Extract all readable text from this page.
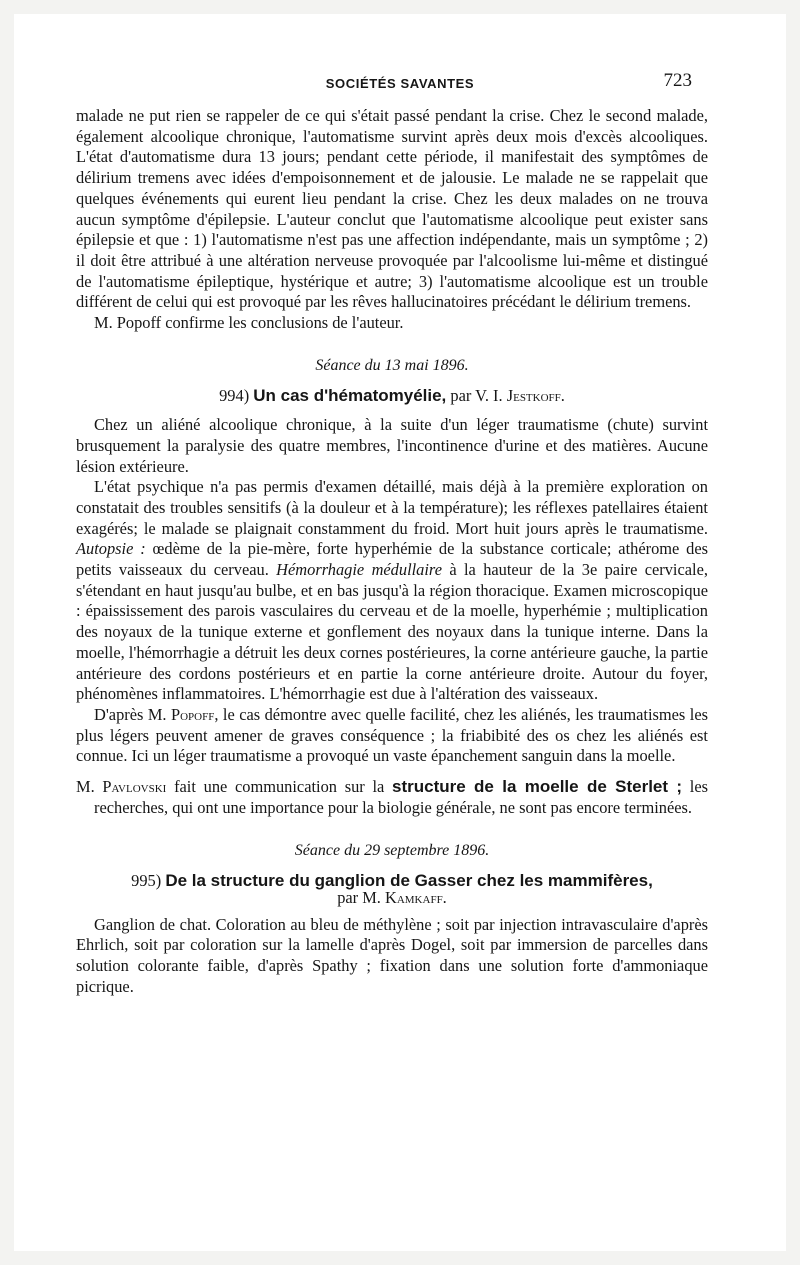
SOCIÉTÉS SAVANTES	723

malade ne put rien se rappeler de ce qui s'était passé pendant la crise. Chez le second malade, également alcoolique chronique, l'automatisme survint après deux mois d'excès alcooliques. L'état d'automatisme dura 13 jours; pendant cette période, il manifestait des symptômes de délirium tremens avec idées d'empoisonnement et de jalousie. Le malade ne se rappelait que quelques événements qui eurent lieu pendant la crise. Chez les deux malades on ne trouva aucun symptôme d'épilepsie. L'auteur conclut que l'automatisme alcoolique peut exister sans épilepsie et que : 1) l'automatisme n'est pas une affection indépendante, mais un symptôme ; 2) il doit être attribué à une altération nerveuse provoquée par l'alcoolisme lui-même et distingué de l'automatisme épileptique, hystérique et autre; 3) l'automatisme alcoolique est un trouble différent de celui qui est provoqué par les rêves hallucinatoires précédant le délirium tremens.

M. Popoff confirme les conclusions de l'auteur.

Séance du 13 mai 1896.
994) Un cas d'hématomyélie, par V. I. Jestkoff.

Chez un aliéné alcoolique chronique, à la suite d'un léger traumatisme (chute) survint brusquement la paralysie des quatre membres, l'incontinence d'urine et des matières. Aucune lésion extérieure.

L'état psychique n'a pas permis d'examen détaillé, mais déjà à la première exploration on constatait des troubles sensitifs (à la douleur et à la température); les réflexes patellaires étaient exagérés; le malade se plaignait constamment du froid. Mort huit jours après le traumatisme. Autopsie : œdème de la pie-mère, forte hyperhémie de la substance corticale; athérome des petits vaisseaux du cerveau. Hémorrhagie médullaire à la hauteur de la 3e paire cervicale, s'étendant en haut jusqu'au bulbe, et en bas jusqu'à la région thoracique. Examen microscopique : épaississement des parois vasculaires du cerveau et de la moelle, hyperhémie ; multiplication des noyaux de la tunique externe et gonflement des noyaux dans la tunique interne. Dans la moelle, l'hémorrhagie a détruit les deux cornes postérieures, la corne antérieure gauche, la partie antérieure des cordons postérieurs et en partie la corne antérieure droite. Autour du foyer, phénomènes inflammatoires. L'hémorrhagie est due à l'altération des vaisseaux.

D'après M. Popoff, le cas démontre avec quelle facilité, chez les aliénés, les traumatismes les plus légers peuvent amener de graves conséquence ; la friabibité des os chez les aliénés est connue. Ici un léger traumatisme a provoqué un vaste épanchement sanguin dans la moelle.

M. Pavlovski fait une communication sur la structure de la moelle de Sterlet ; les recherches, qui ont une importance pour la biologie générale, ne sont pas encore terminées.

Séance du 29 septembre 1896.
995) De la structure du ganglion de Gasser chez les mammifères,
par M. Kamkaff.

Ganglion de chat. Coloration au bleu de méthylène ; soit par injection intravasculaire d'après Ehrlich, soit par coloration sur la lamelle d'après Dogel, soit par immersion de parcelles dans solution colorante faible, d'après Spathy ; fixation dans une solution forte d'ammoniaque picrique.
